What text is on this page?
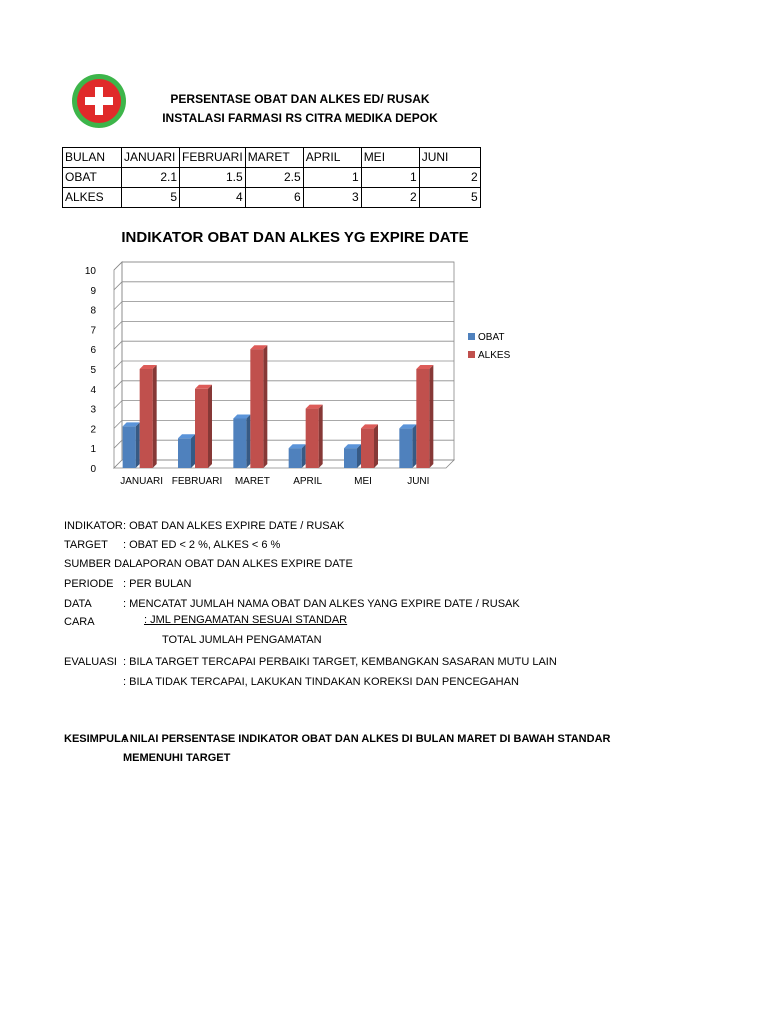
PERSENTASE OBAT DAN ALKES ED/ RUSAK

INSTALASI FARMASI RS CITRA MEDIKA DEPOK

BULAN	JANUARI	FEBRUARI	MARET	APRIL	MEI	JUNI
OBAT	2.1	1.5	2.5	1	1	2
ALKES	5	4	6	3	2	5

INDIKATOR OBAT DAN ALKES YG EXPIRE DATE

0
1
2
3
4
5
6
7
8
9
10
JANUARI FEBRUARI MARET APRIL	MEI	JUNI
OBAT
ALKES
INDIKATOR : OBAT DAN ALKES EXPIRE DATE / RUSAK
TARGET : OBAT ED < 2 %, ALKES < 6 %
SUMBER DA
: LAPORAN OBAT DAN ALKES EXPIRE DATE
PERIODE : PER BULAN
DATA	: MENCATAT JUMLAH NAMA OBAT DAN ALKES YANG EXPIRE DATE / RUSAK
CARA	: JML PENGAMATAN SESUAI STANDAR
TOTAL JUMLAH PENGAMATAN
EVALUASI : BILA TARGET TERCAPAI PERBAIKI TARGET, KEMBANGKAN SASARAN MUTU LAIN
: BILA TIDAK TERCAPAI, LAKUKAN TINDAKAN KOREKSI DAN PENCEGAHAN
KESIMPULA
: NILAI PERSENTASE INDIKATOR OBAT DAN ALKES DI BULAN MARET DI BAWAH STANDAR
MEMENUHI TARGET
